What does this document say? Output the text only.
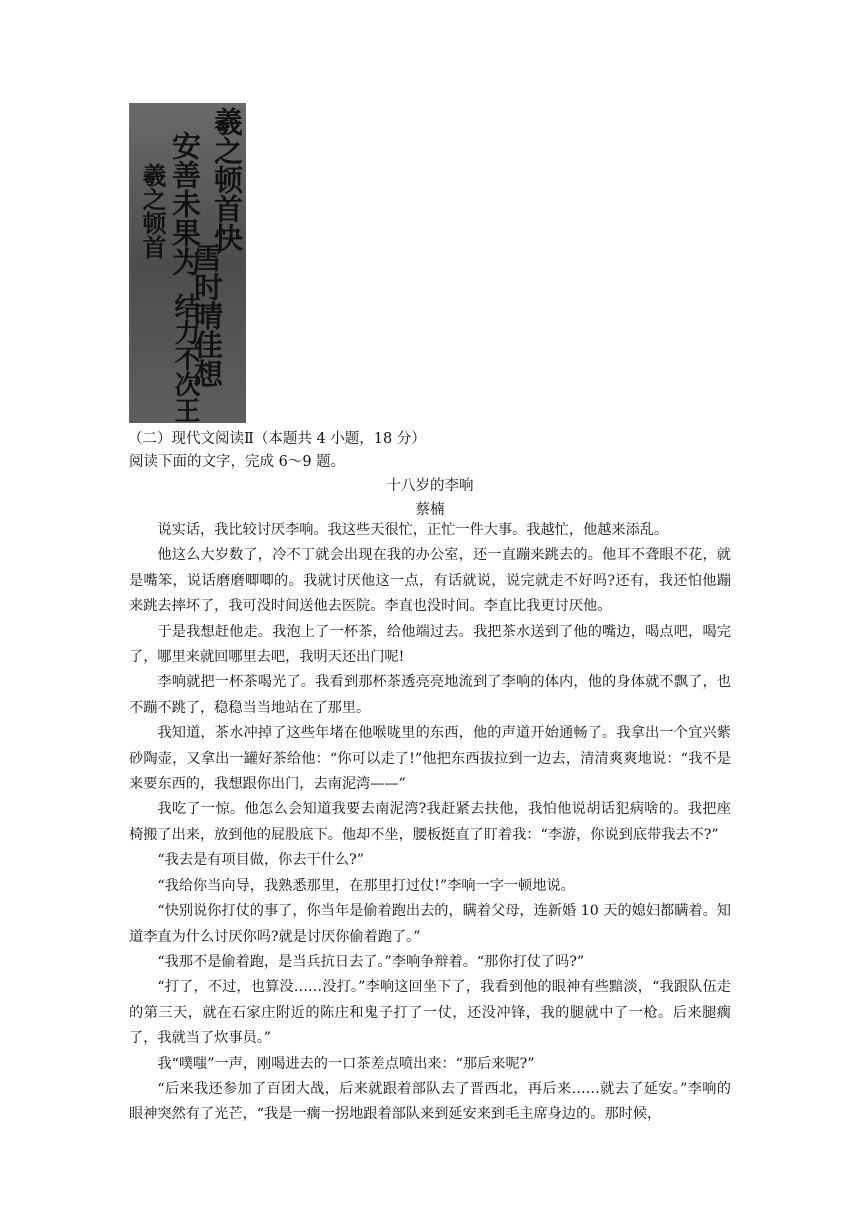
羲之顿首快
雪时晴佳想
安善未果为
结力不次王
羲之顿首
（二）现代文阅读Ⅱ（本题共 4 小题，18 分）
阅读下面的文字，完成 6～9 题。
十八岁的李响
蔡楠

说实话，我比较讨厌李响。我这些天很忙，正忙一件大事。我越忙，他越来添乱。

他这么大岁数了，冷不丁就会出现在我的办公室，还一直蹦来跳去的。他耳不聋眼不花，就是嘴笨，说话磨磨唧唧的。我就讨厌他这一点，有话就说，说完就走不好吗?还有，我还怕他蹦来跳去摔坏了，我可没时间送他去医院。李直也没时间。李直比我更讨厌他。

于是我想赶他走。我泡上了一杯茶，给他端过去。我把茶水送到了他的嘴边，喝点吧，喝完了，哪里来就回哪里去吧，我明天还出门呢!

李响就把一杯茶喝光了。我看到那杯茶透亮亮地流到了李响的体内，他的身体就不飘了，也不蹦不跳了，稳稳当当地站在了那里。

我知道，茶水冲掉了这些年堵在他喉咙里的东西，他的声道开始通畅了。我拿出一个宜兴紫砂陶壶，又拿出一罐好茶给他：“你可以走了!”他把东西拔拉到一边去，清清爽爽地说：“我不是来要东西的，我想跟你出门，去南泥湾——”

我吃了一惊。他怎么会知道我要去南泥湾?我赶紧去扶他，我怕他说胡话犯病啥的。我把座椅搬了出来，放到他的屁股底下。他却不坐，腰板挺直了盯着我：“李游，你说到底带我去不?”

“我去是有项目做，你去干什么?”

“我给你当向导，我熟悉那里，在那里打过仗!”李响一字一顿地说。

“快别说你打仗的事了，你当年是偷着跑出去的，瞒着父母，连新婚 10 天的媳妇都瞒着。知道李直为什么讨厌你吗?就是讨厌你偷着跑了。”

“我那不是偷着跑，是当兵抗日去了。”李响争辩着。“那你打仗了吗?”

“打了，不过，也算没……没打。”李响这回坐下了，我看到他的眼神有些黯淡，“我跟队伍走的第三天，就在石家庄附近的陈庄和鬼子打了一仗，还没冲锋，我的腿就中了一枪。后来腿瘸了，我就当了炊事员。”

我“噗嗤”一声，刚喝进去的一口茶差点喷出来：“那后来呢?”

“后来我还参加了百团大战，后来就跟着部队去了晋西北，再后来……就去了延安。”李响的眼神突然有了光芒，“我是一瘸一拐地跟着部队来到延安来到毛主席身边的。那时候，
